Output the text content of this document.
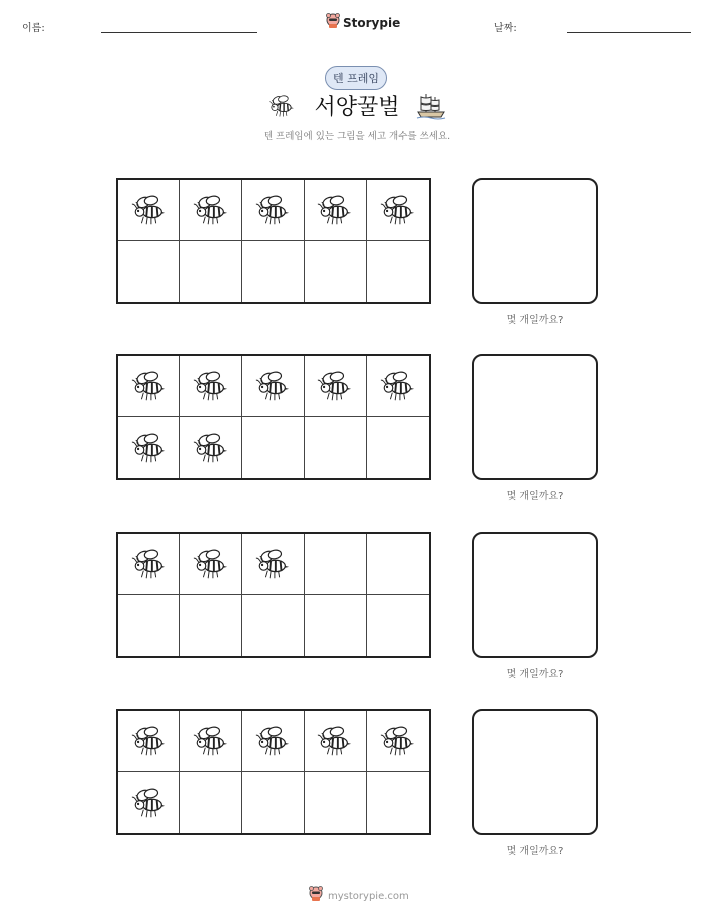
이름:	Storypie	날짜:
텐 프레임
서양꿀벌
텐 프레임에 있는 그림을 세고 개수를 쓰세요.
몇 개일까요?
몇 개일까요?
몇 개일까요?
몇 개일까요?
mystorypie.com
